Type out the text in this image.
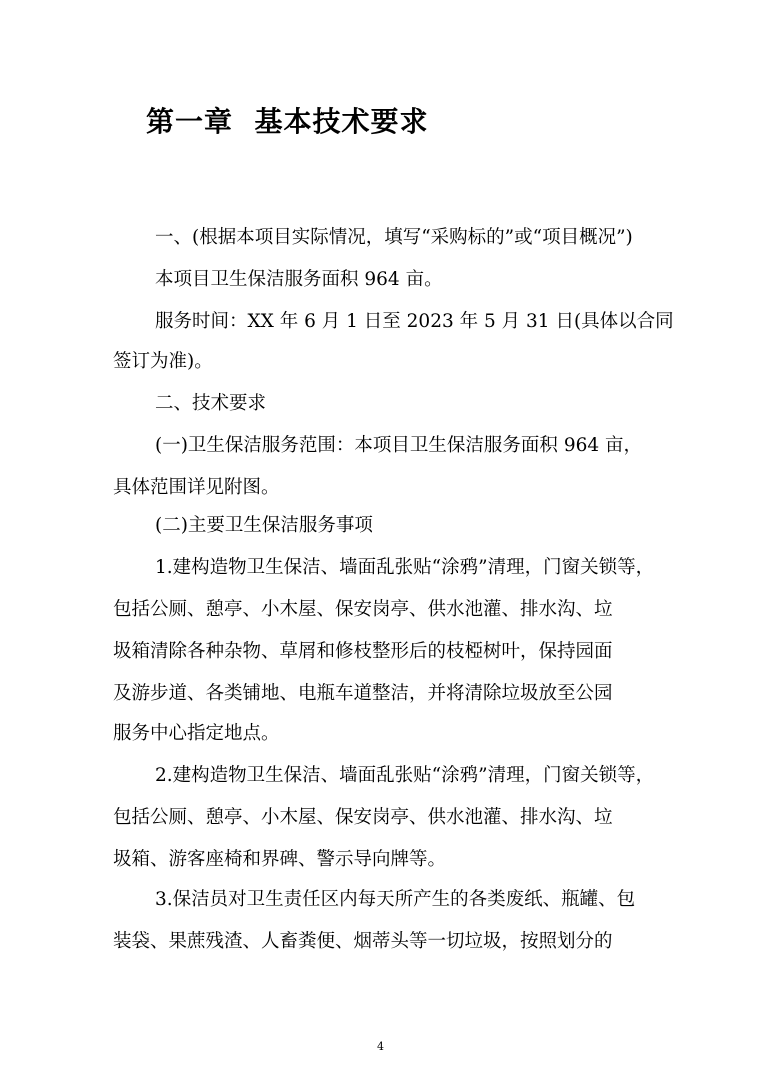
第一章  基本技术要求
一、(根据本项目实际情况，填写“采购标的”或“项目概况”)
本项目卫生保洁服务面积 964 亩。
服务时间：XX 年 6 月 1 日至 2023 年 5 月 31 日(具体以合同
签订为准)。
二、技术要求
(一)卫生保洁服务范围：本项目卫生保洁服务面积 964 亩，
具体范围详见附图。
(二)主要卫生保洁服务事项
1.建构造物卫生保洁、墙面乱张贴“涂鸦”清理，门窗关锁等，
包括公厕、憩亭、小木屋、保安岗亭、供水池灌、排水沟、垃
圾箱清除各种杂物、草屑和修枝整形后的枝椏树叶，保持园面
及游步道、各类铺地、电瓶车道整洁，并将清除垃圾放至公园
服务中心指定地点。
2.建构造物卫生保洁、墙面乱张贴“涂鸦”清理，门窗关锁等，
包括公厕、憩亭、小木屋、保安岗亭、供水池灌、排水沟、垃
圾箱、游客座椅和界碑、警示导向牌等。
3.保洁员对卫生责任区内每天所产生的各类废纸、瓶罐、包
装袋、果蔗残渣、人畜粪便、烟蒂头等一切垃圾，按照划分的
4
